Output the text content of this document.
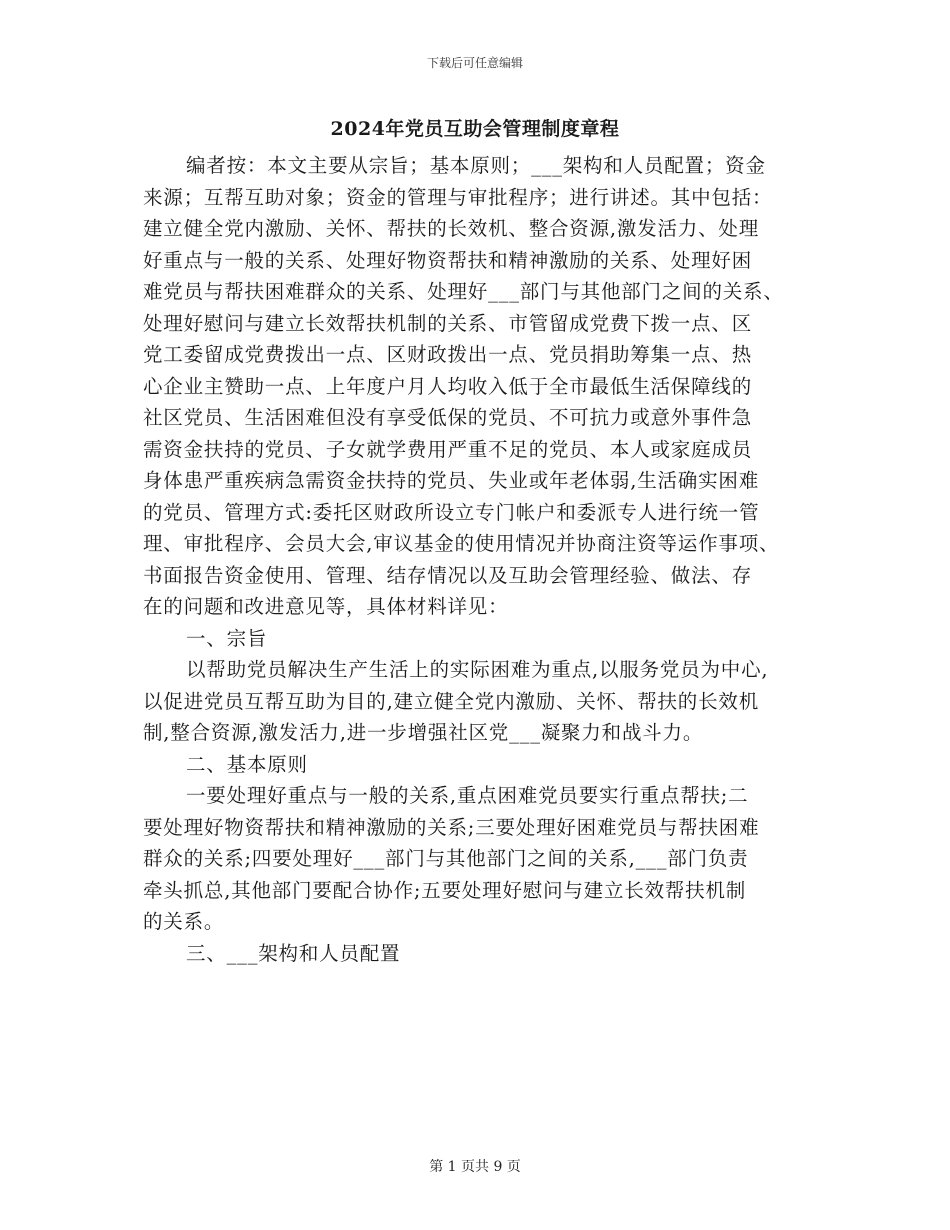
下载后可任意编辑
2024年党员互助会管理制度章程
编者按：本文主要从宗旨；基本原则；___架构和人员配置；资金
来源；互帮互助对象；资金的管理与审批程序；进行讲述。其中包括：
建立健全党内激励、关怀、帮扶的长效机、整合资源,激发活力、处理
好重点与一般的关系、处理好物资帮扶和精神激励的关系、处理好困
难党员与帮扶困难群众的关系、处理好___部门与其他部门之间的关系、
处理好慰问与建立长效帮扶机制的关系、市管留成党费下拨一点、区
党工委留成党费拨出一点、区财政拨出一点、党员捐助筹集一点、热
心企业主赞助一点、上年度户月人均收入低于全市最低生活保障线的
社区党员、生活困难但没有享受低保的党员、不可抗力或意外事件急
需资金扶持的党员、子女就学费用严重不足的党员、本人或家庭成员
身体患严重疾病急需资金扶持的党员、失业或年老体弱,生活确实困难
的党员、管理方式:委托区财政所设立专门帐户和委派专人进行统一管
理、审批程序、会员大会,审议基金的使用情况并协商注资等运作事项、
书面报告资金使用、管理、结存情况以及互助会管理经验、做法、存
在的问题和改进意见等，具体材料详见：
一、宗旨
以帮助党员解决生产生活上的实际困难为重点,以服务党员为中心,
以促进党员互帮互助为目的,建立健全党内激励、关怀、帮扶的长效机
制,整合资源,激发活力,进一步增强社区党___凝聚力和战斗力。
二、基本原则
一要处理好重点与一般的关系,重点困难党员要实行重点帮扶;二
要处理好物资帮扶和精神激励的关系;三要处理好困难党员与帮扶困难
群众的关系;四要处理好___部门与其他部门之间的关系,___部门负责
牵头抓总,其他部门要配合协作;五要处理好慰问与建立长效帮扶机制
的关系。
三、___架构和人员配置
第 1 页共 9 页
